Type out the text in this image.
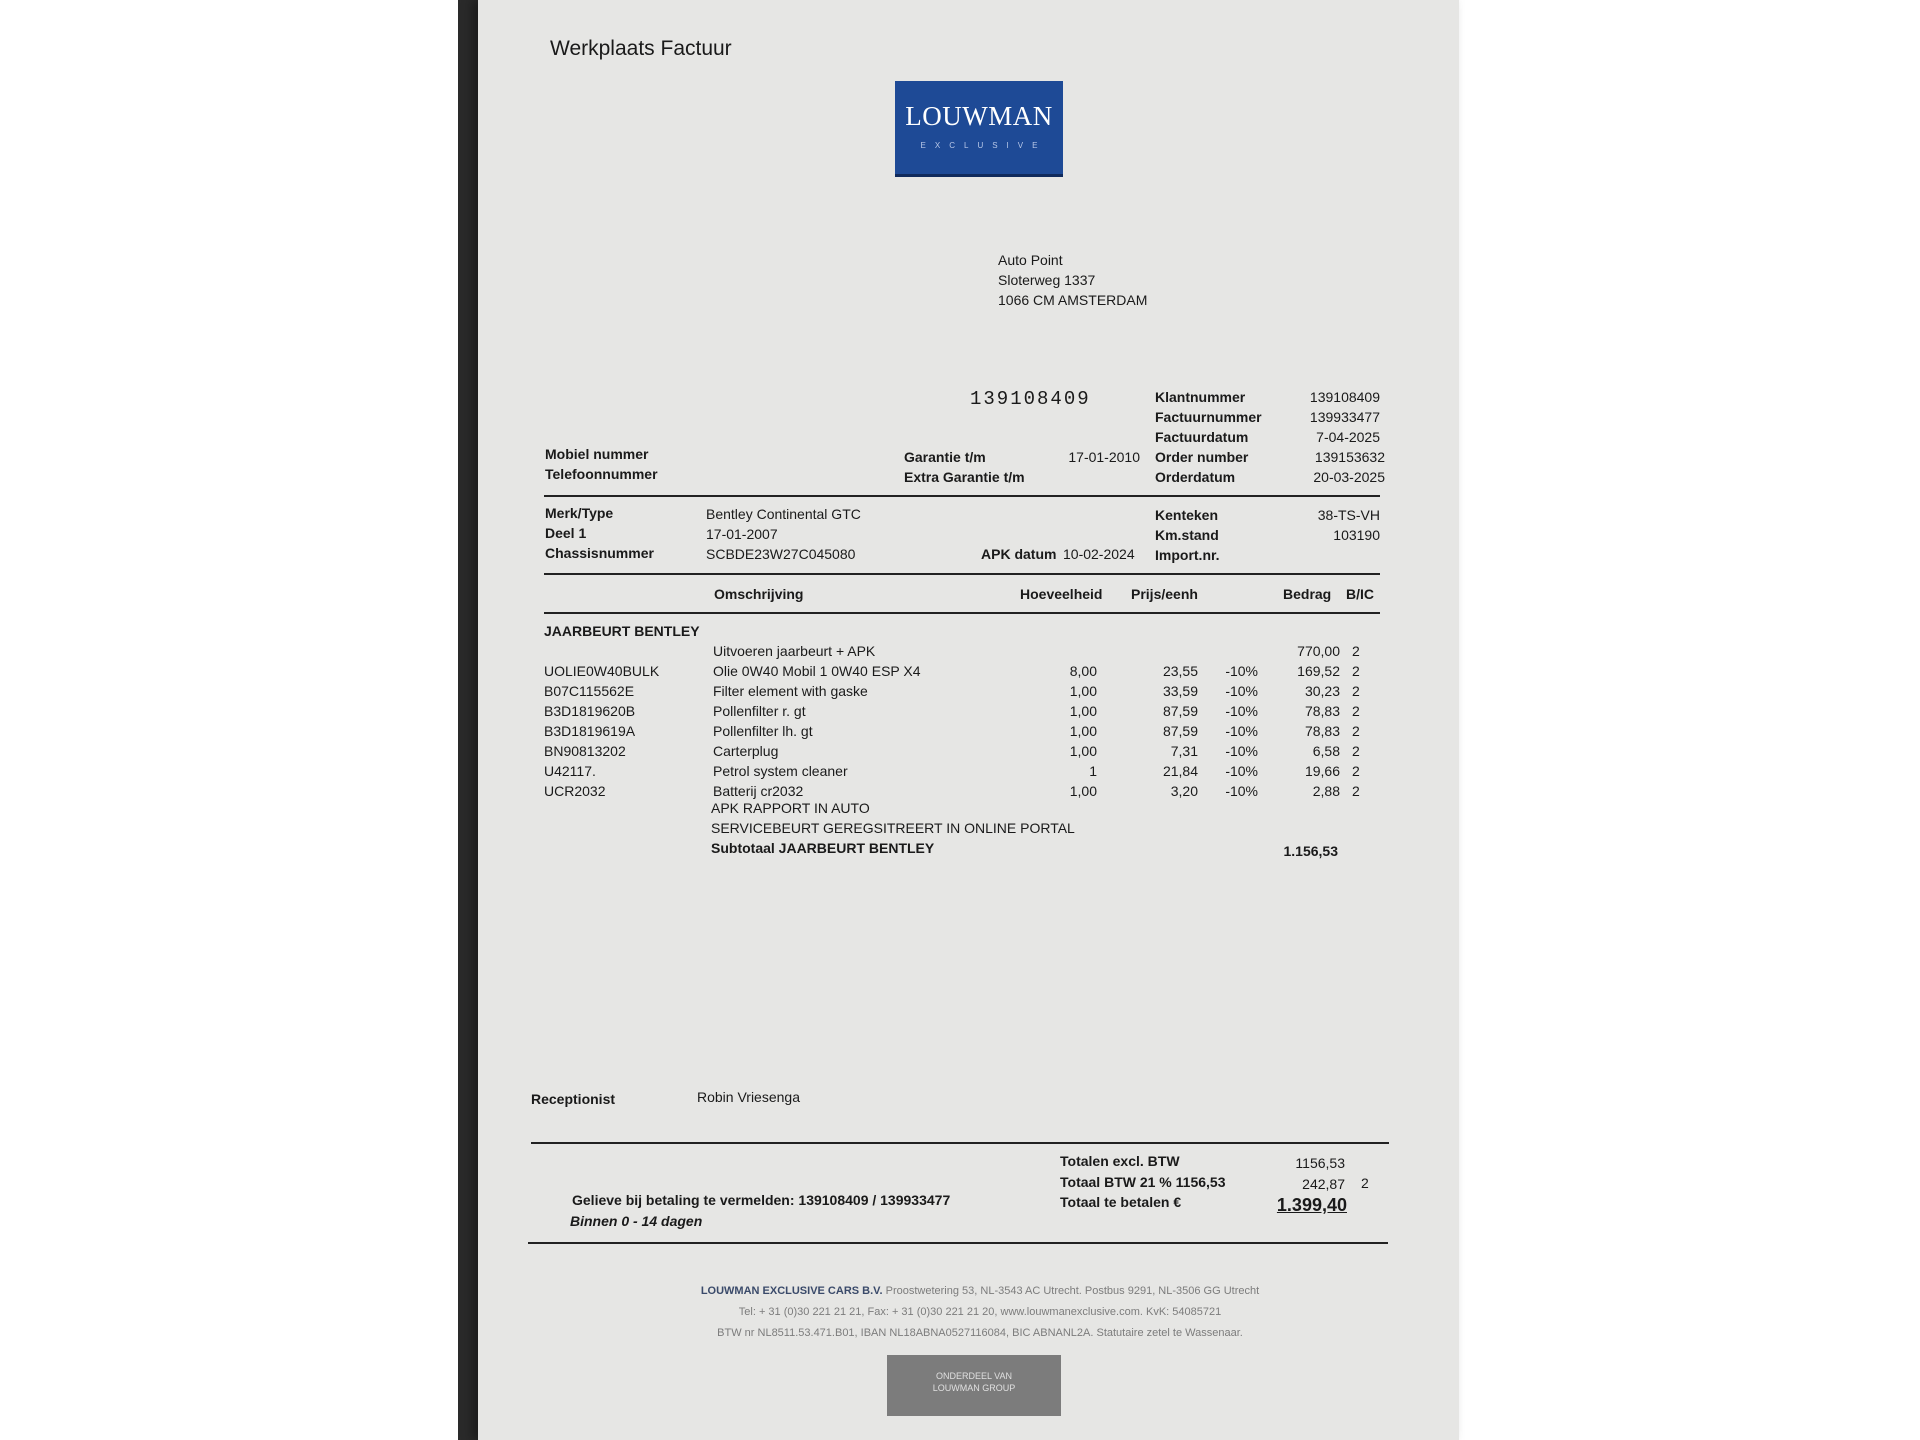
Werkplaats Factuur
LOUWMAN
EXCLUSIVE
Auto Point
Sloterweg 1337
1066 CM AMSTERDAM
139108409	Klantnummer	139108409
Factuurnummer	139933477
Factuurdatum	7-04-2025
Order number	139153632
Orderdatum	20-03-2025
Mobiel nummer
Telefoonnummer
Garantie t/m	17-01-2010
Extra Garantie t/m
Merk/Type	Bentley Continental GTC
Deel 1	17-01-2007
Chassisnummer	SCBDE23W27C045080	APK datum 10-02-2024
Kenteken	38-TS-VH
Km.stand	103190
Import.nr.
Omschrijving	Hoeveelheid Prijs/eenh	Bedrag B/IC
JAARBEURT BENTLEY
Uitvoeren jaarbeurt + APK	770,00 2
UOLIE0W40BULK	Olie 0W40 Mobil 1 0W40 ESP X4	8,00	23,55	-10%	169,52 2
B07C115562E	Filter element with gaske	1,00	33,59	-10%	30,23 2
B3D1819620B	Pollenfilter r. gt	1,00	87,59	-10%	78,83 2
B3D1819619A	Pollenfilter lh. gt	1,00	87,59	-10%	78,83 2
BN90813202	Carterplug	1,00	7,31	-10%	6,58 2
U42117.	Petrol system cleaner	1	21,84	-10%	19,66 2
UCR2032	Batterij cr2032	1,00	3,20	-10%	2,88 2
APK RAPPORT IN AUTO
SERVICEBEURT GEREGSITREERT IN ONLINE PORTAL
Subtotaal JAARBEURT BENTLEY	1.156,53
Receptionist	Robin Vriesenga
Totalen excl. BTW	1156,53
Totaal BTW 21 % 1156,53	242,87 2
Totaal te betalen €	1.399,40
Gelieve bij betaling te vermelden: 139108409 / 139933477
Binnen 0 - 14 dagen
LOUWMAN EXCLUSIVE CARS B.V. Proostwetering 53, NL-3543 AC Utrecht. Postbus 9291, NL-3506 GG Utrecht
Tel: + 31 (0)30 221 21 21, Fax: + 31 (0)30 221 21 20, www.louwmanexclusive.com. KvK: 54085721
BTW nr NL8511.53.471.B01, IBAN NL18ABNA0527116084, BIC ABNANL2A. Statutaire zetel te Wassenaar.
ONDERDEEL VAN
LOUWMAN GROUP
